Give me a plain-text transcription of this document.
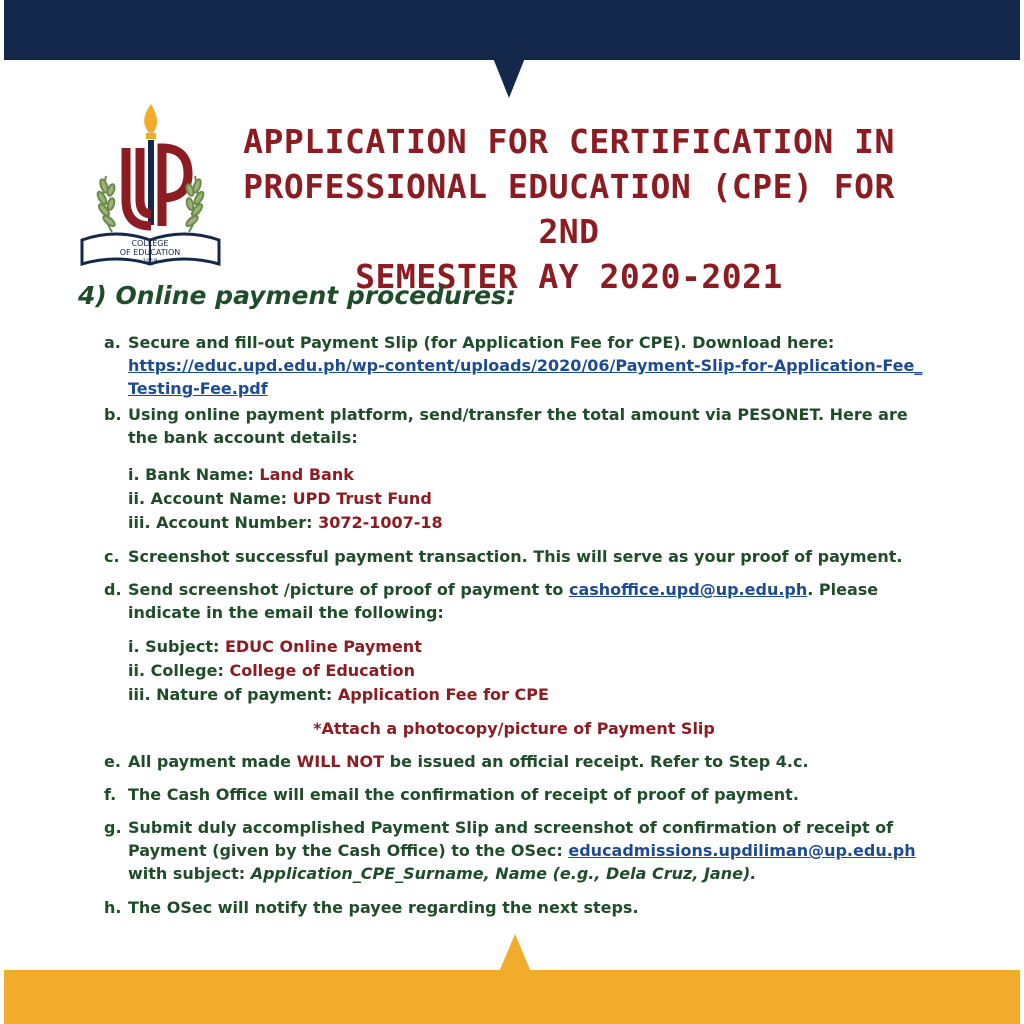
COLLEGE
OF EDUCATION
1918
APPLICATION FOR CERTIFICATION IN
PROFESSIONAL EDUCATION (CPE) FOR 2ND
SEMESTER AY 2020-2021
4) Online payment procedures:
a. Secure and fill-out Payment Slip (for Application Fee for CPE). Download here:
https://educ.upd.edu.ph/wp-content/uploads/2020/06/Payment-Slip-for-Application-Fee_Testing-Fee.pdf
b. Using online payment platform, send/transfer the total amount via PESONET. Here are the bank account details:
i. Bank Name: Land Bank
ii. Account Name: UPD Trust Fund
iii. Account Number: 3072-1007-18
c. Screenshot successful payment transaction. This will serve as your proof of payment.
d. Send screenshot /picture of proof of payment to cashoffice.upd@up.edu.ph. Please indicate in the email the following:
i. Subject: EDUC Online Payment
ii. College: College of Education
iii. Nature of payment: Application Fee for CPE
*Attach a photocopy/picture of Payment Slip
e. All payment made WILL NOT be issued an official receipt. Refer to Step 4.c.
f. The Cash Office will email the confirmation of receipt of proof of payment.
g. Submit duly accomplished Payment Slip and screenshot of confirmation of receipt of Payment (given by the Cash Office) to the OSec: educadmissions.updiliman@up.edu.ph with subject: Application_CPE_Surname, Name (e.g., Dela Cruz, Jane).
h. The OSec will notify the payee regarding the next steps.
